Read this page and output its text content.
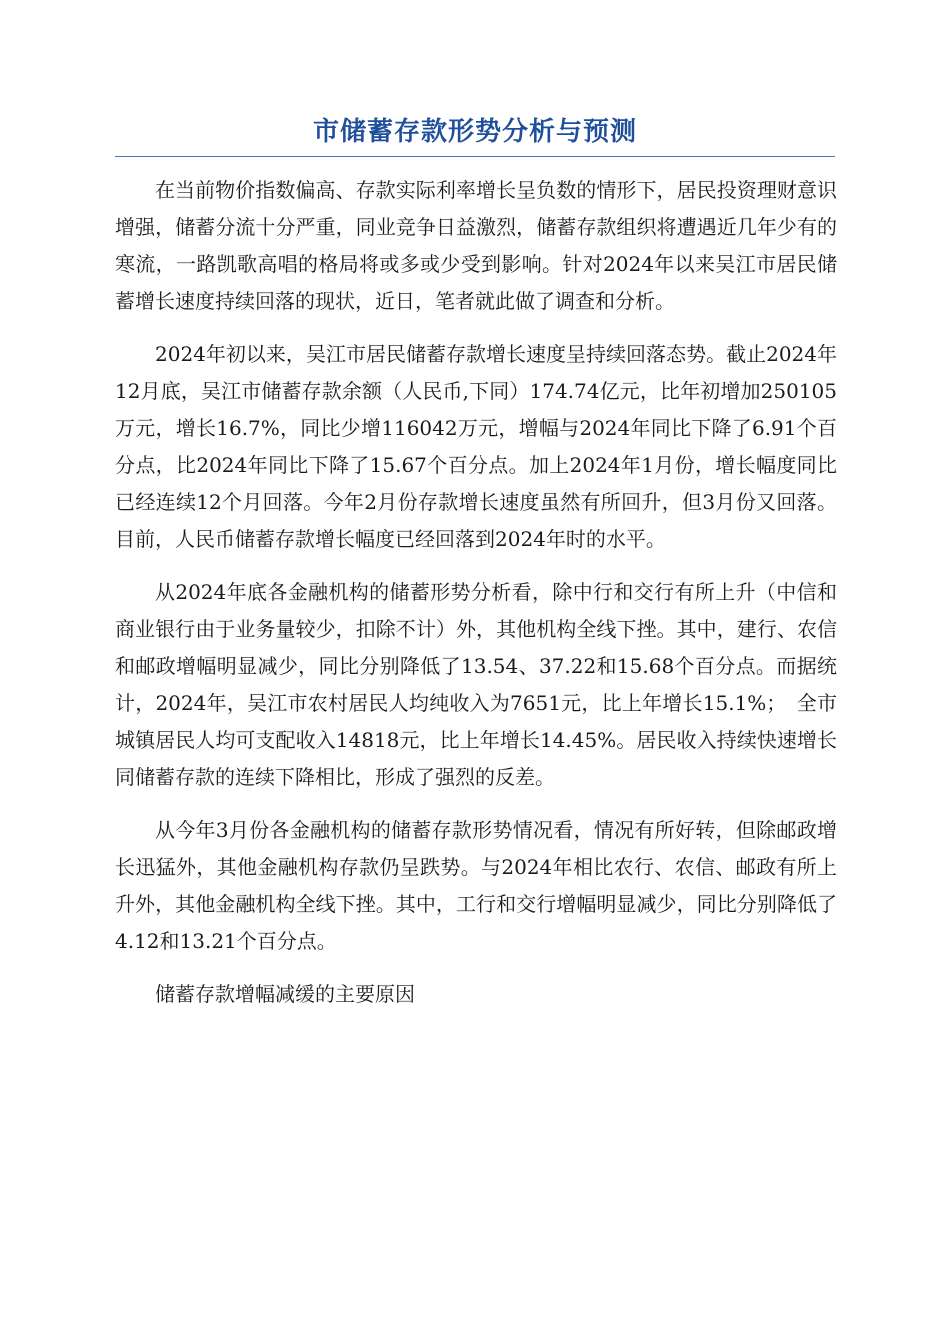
市储蓄存款形势分析与预测

在当前物价指数偏高、存款实际利率增长呈负数的情形下，居民投资理财意识增强，储蓄分流十分严重，同业竞争日益激烈，储蓄存款组织将遭遇近几年少有的寒流，一路凯歌高唱的格局将或多或少受到影响。针对2024年以来吴江市居民储蓄增长速度持续回落的现状，近日，笔者就此做了调查和分析。

2024年初以来，吴江市居民储蓄存款增长速度呈持续回落态势。截止2024年12月底，吴江市储蓄存款余额（人民币,下同）174.74亿元，比年初增加250105万元，增长16.7%，同比少增116042万元，增幅与2024年同比下降了6.91个百分点，比2024年同比下降了15.67个百分点。加上2024年1月份，增长幅度同比已经连续12个月回落。今年2月份存款增长速度虽然有所回升，但3月份又回落。目前，人民币储蓄存款增长幅度已经回落到2024年时的水平。

从2024年底各金融机构的储蓄形势分析看，除中行和交行有所上升（中信和商业银行由于业务量较少，扣除不计）外，其他机构全线下挫。其中，建行、农信和邮政增幅明显减少，同比分别降低了13.54、37.22和15.68个百分点。而据统计，2024年，吴江市农村居民人均纯收入为7651元，比上年增长15.1%；　全市城镇居民人均可支配收入14818元，比上年增长14.45%。居民收入持续快速增长同储蓄存款的连续下降相比，形成了强烈的反差。

从今年3月份各金融机构的储蓄存款形势情况看，情况有所好转，但除邮政增长迅猛外，其他金融机构存款仍呈跌势。与2024年相比农行、农信、邮政有所上升外，其他金融机构全线下挫。其中，工行和交行增幅明显减少，同比分别降低了4.12和13.21个百分点。

储蓄存款增幅减缓的主要原因
